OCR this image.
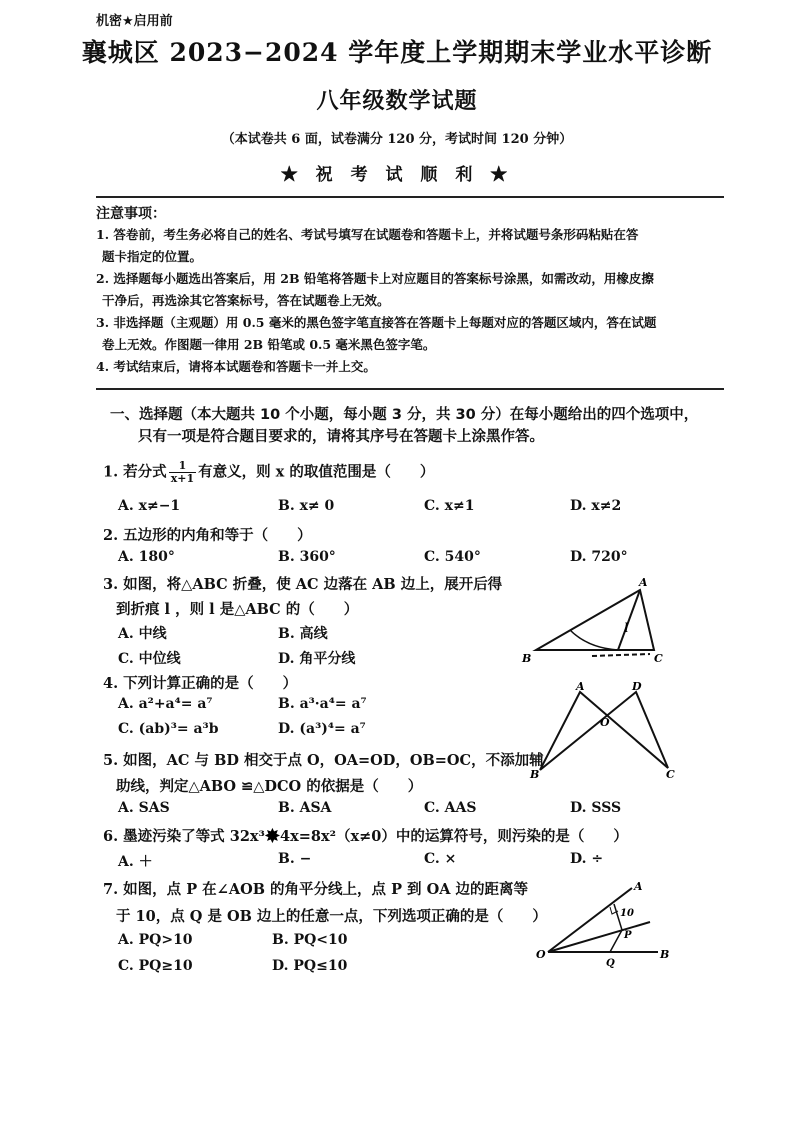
机密★启用前
襄城区 2023−2024 学年度上学期期末学业水平诊断
八年级数学试题
（本试卷共 6 面，试卷满分 120 分，考试时间 120 分钟）
★ 祝 考 试 顺 利 ★
注意事项：
1. 答卷前，考生务必将自己的姓名、考试号填写在试题卷和答题卡上，并将试题号条形码粘贴在答
题卡指定的位置。
2. 选择题每小题选出答案后，用 2B 铅笔将答题卡上对应题目的答案标号涂黑，如需改动，用橡皮擦
干净后，再选涂其它答案标号，答在试题卷上无效。
3. 非选择题（主观题）用 0.5 毫米的黑色签字笔直接答在答题卡上每题对应的答题区域内，答在试题
卷上无效。作图题一律用 2B 铅笔或 0.5 毫米黑色签字笔。
4. 考试结束后，请将本试题卷和答题卡一并上交。
一、选择题（本大题共 10 个小题，每小题 3 分，共 30 分）在每小题给出的四个选项中，
只有一项是符合题目要求的，请将其序号在答题卡上涂黑作答。
1. 若分式 $\frac{1}{x+1}$ 有意义，则 x 的取值范围是（　　）
A. x≠−1	B. x≠ 0	C. x≠1	D. x≠2
2. 五边形的内角和等于（　　）
A. 180°	B. 360°	C. 540°	D. 720°
3. 如图，将△ABC 折叠，使 AC 边落在 AB 边上，展开后得
到折痕 l ，则 l 是△ABC 的（　　）
A. 中线	B. 高线
C. 中位线	D. 角平分线
A
B	C
l
4. 下列计算正确的是（　　）
A. a²+a⁴= a⁷	B. a³·a⁴= a⁷
C. (ab)³= a³b	D. (a³)⁴= a⁷
A	D
O
B	C
5. 如图，AC 与 BD 相交于点 O，OA=OD，OB=OC，不添加辅
助线，判定△ABO ≌△DCO 的依据是（　　）
A. SAS	B. ASA	C. AAS	D. SSS
6. 墨迹污染了等式 32x³✸4x=8x²（x≠0）中的运算符号，则污染的是（　　）
A. ＋	B. −	C. ×	D. ÷
7. 如图，点 P 在∠AOB 的角平分线上，点 P 到 OA 边的距离等
于 10，点 Q 是 OB 边上的任意一点，下列选项正确的是（　　）
A. PQ>10	B. PQ<10
C. PQ≥10	D. PQ≤10
A
B
O
P
Q
10
